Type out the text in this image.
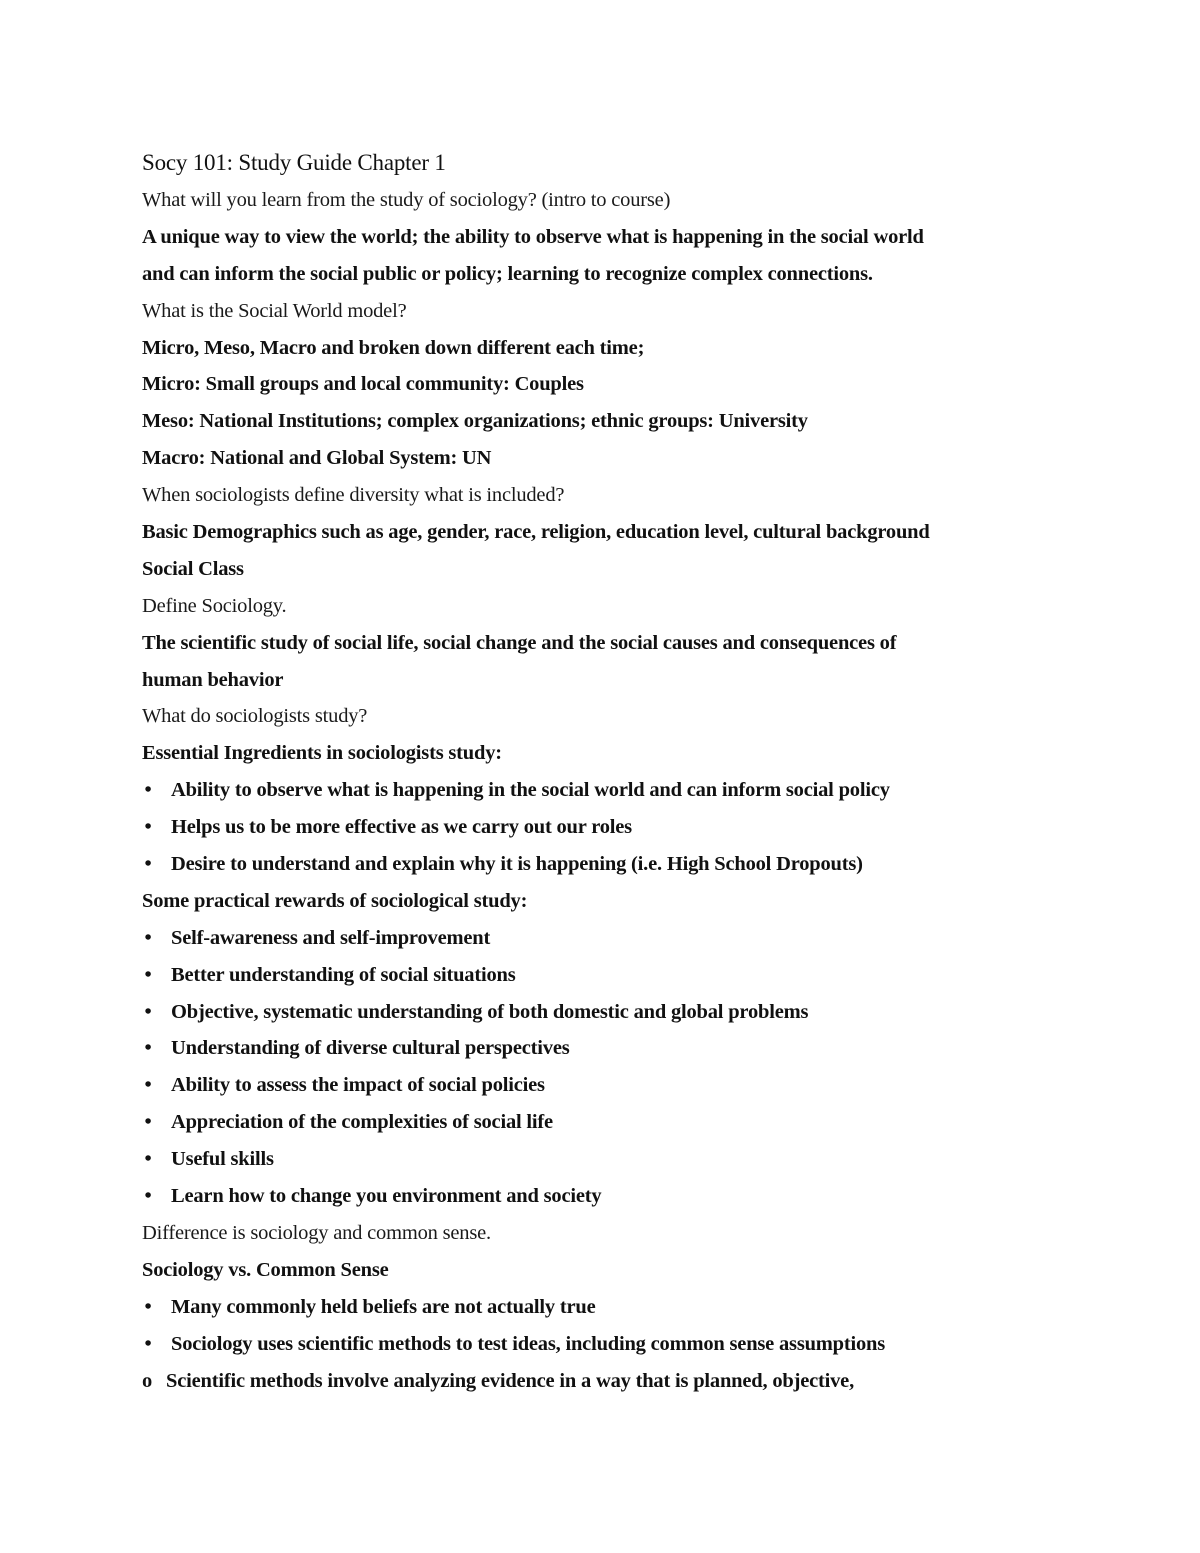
Socy 101: Study Guide Chapter 1
What will you learn from the study of sociology? (intro to course)
A unique way to view the world; the ability to observe what is happening in the social world
and can inform the social public or policy; learning to recognize complex connections.
What is the Social World model?
Micro, Meso, Macro and broken down different each time;
Micro: Small groups and local community: Couples
Meso: National Institutions; complex organizations; ethnic groups: University
Macro: National and Global System: UN
When sociologists define diversity what is included?
Basic Demographics such as age, gender, race, religion, education level, cultural background
Social Class
Define Sociology.
The scientific study of social life, social change and the social causes and consequences of
human behavior
What do sociologists study?
Essential Ingredients in sociologists study:
• Ability to observe what is happening in the social world and can inform social policy
• Helps us to be more effective as we carry out our roles
• Desire to understand and explain why it is happening (i.e. High School Dropouts)
Some practical rewards of sociological study:
• Self-awareness and self-improvement
• Better understanding of social situations
• Objective, systematic understanding of both domestic and global problems
• Understanding of diverse cultural perspectives
• Ability to assess the impact of social policies
• Appreciation of the complexities of social life
• Useful skills
• Learn how to change you environment and society
Difference is sociology and common sense.
Sociology vs. Common Sense
• Many commonly held beliefs are not actually true
• Sociology uses scientific methods to test ideas, including common sense assumptions
o Scientific methods involve analyzing evidence in a way that is planned, objective,
